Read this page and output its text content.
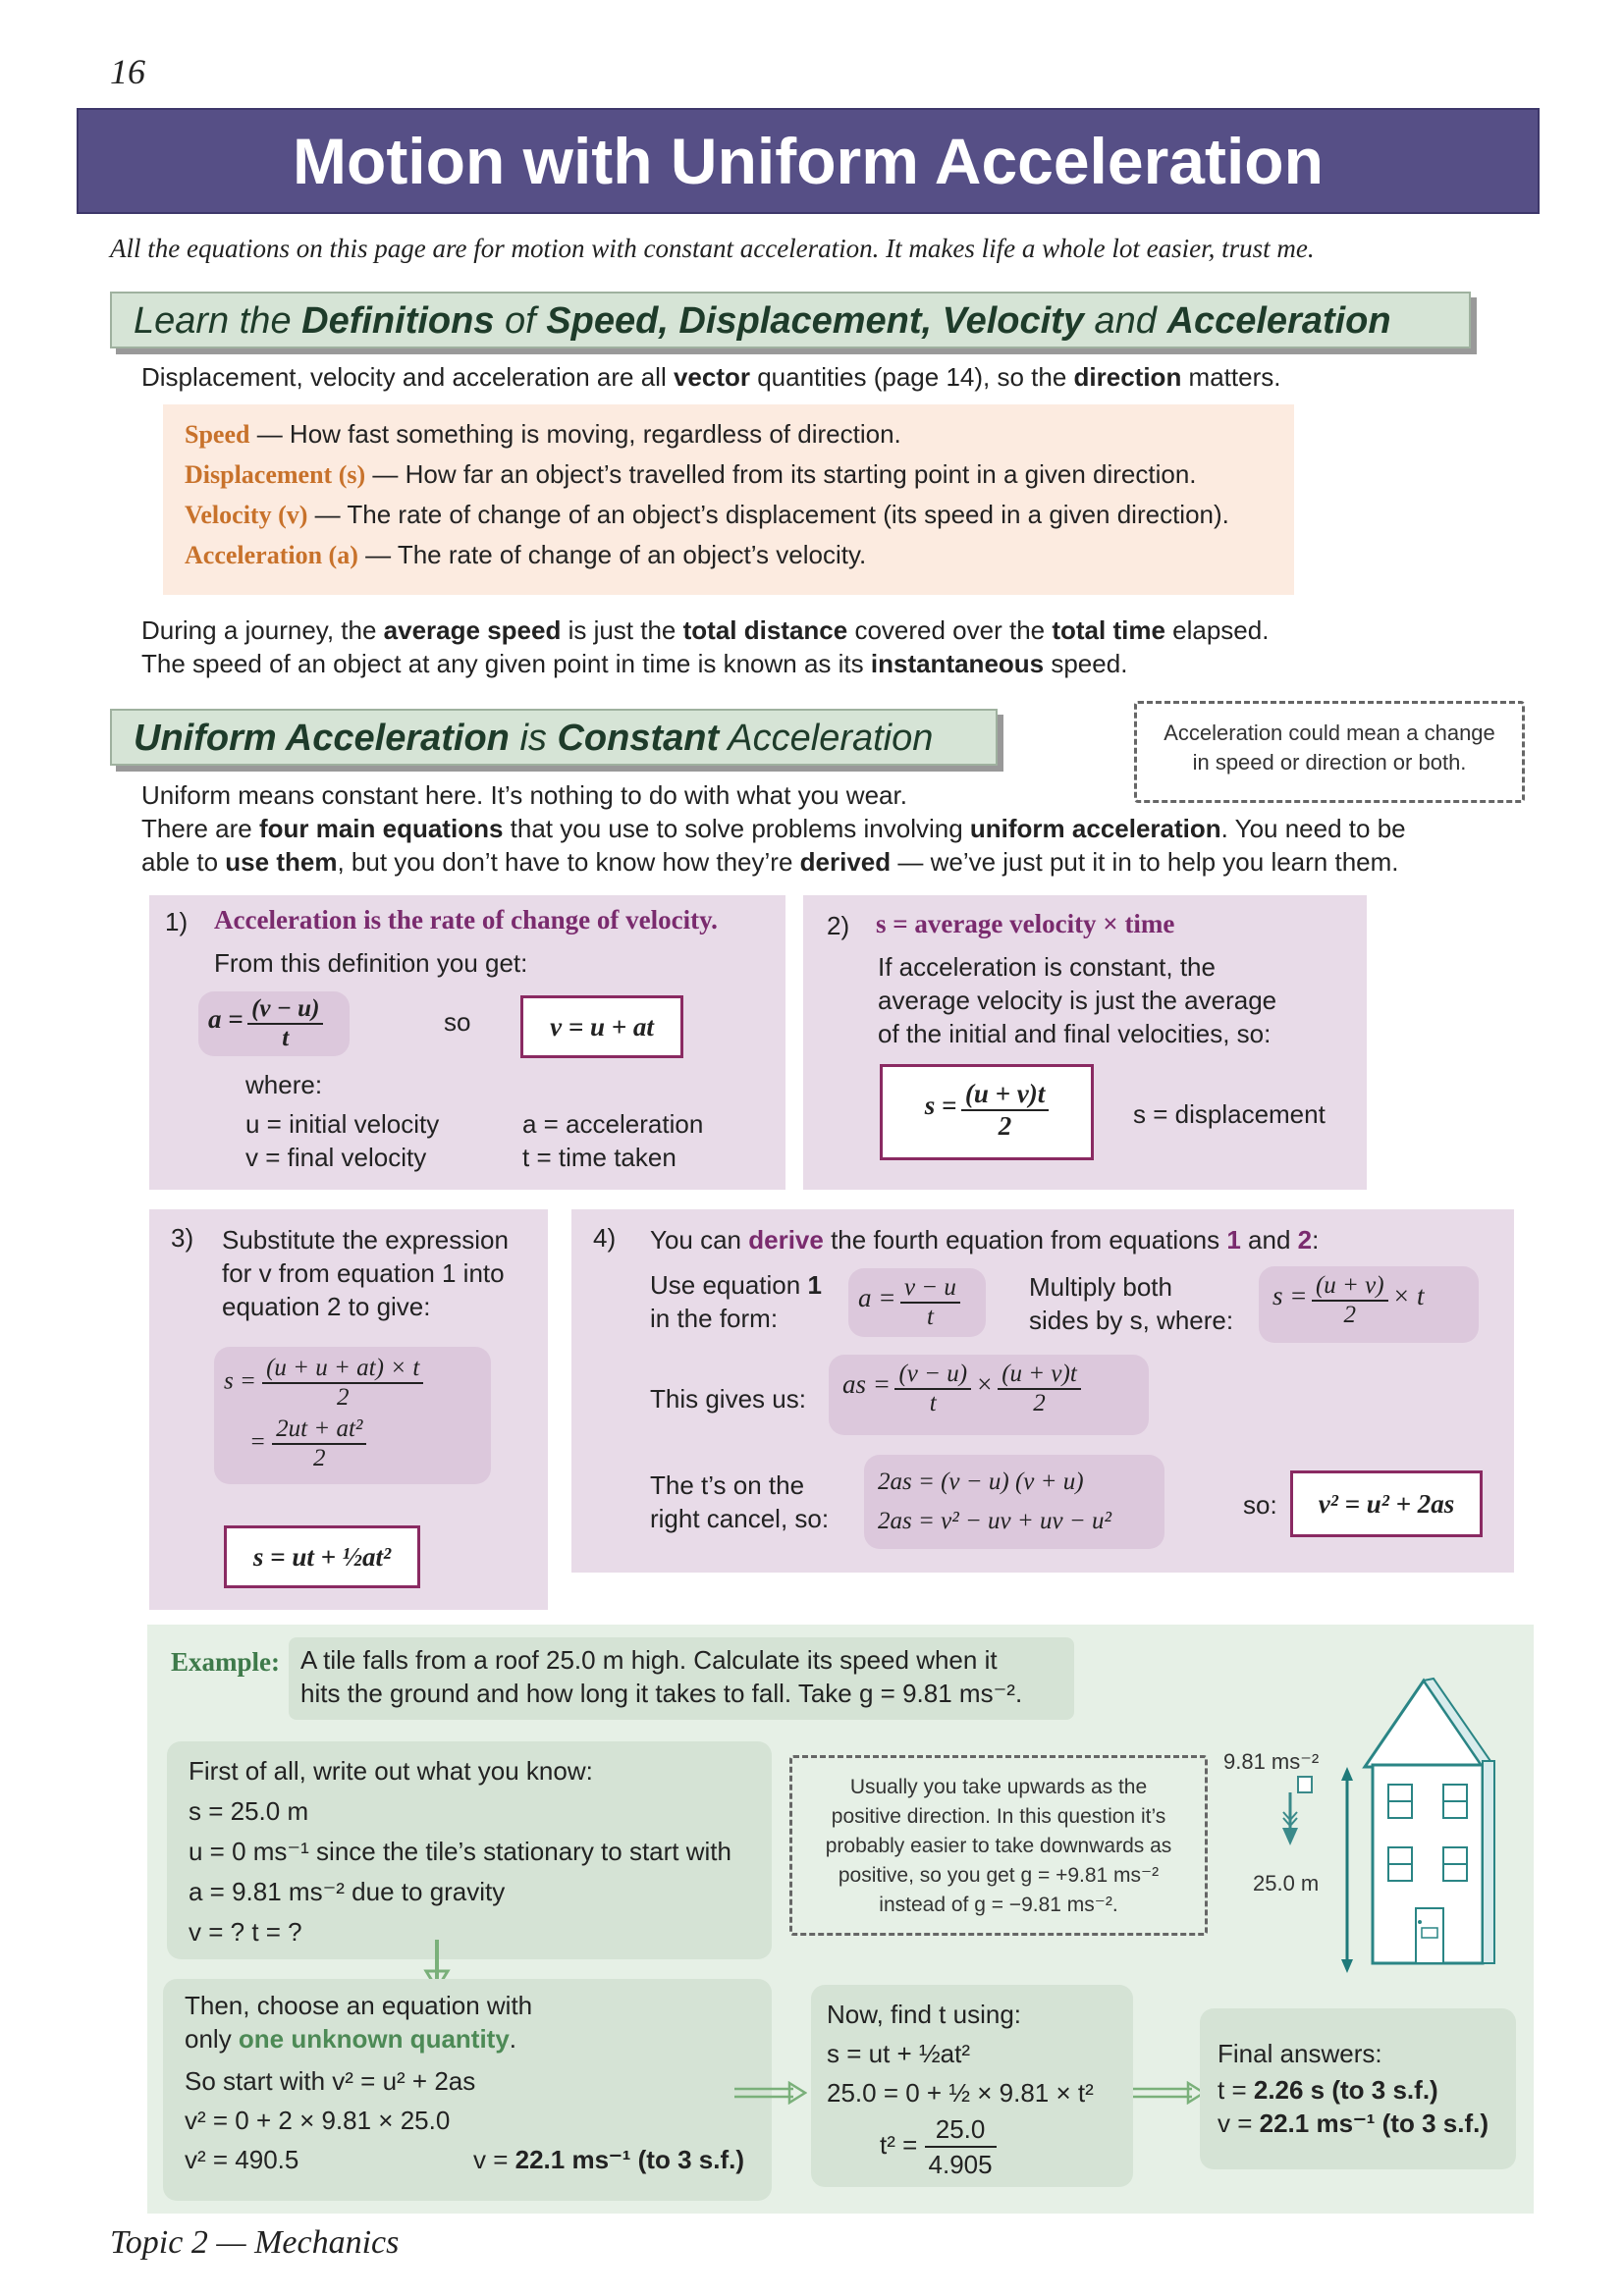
16
Motion with Uniform Acceleration
All the equations on this page are for motion with constant acceleration. It makes life a whole lot easier, trust me.
Learn the Definitions of Speed, Displacement, Velocity and Acceleration
Displacement, velocity and acceleration are all vector quantities (page 14), so the direction matters.
Speed — How fast something is moving, regardless of direction.
Displacement (s) — How far an object’s travelled from its starting point in a given direction.
Velocity (v) — The rate of change of an object’s displacement (its speed in a given direction).
Acceleration (a) — The rate of change of an object’s velocity.
During a journey, the average speed is just the total distance covered over the total time elapsed.
The speed of an object at any given point in time is known as its instantaneous speed.
Uniform Acceleration is Constant Acceleration	Acceleration could mean a change
in speed or direction or both.
Uniform means constant here. It’s nothing to do with what you wear.
There are four main equations that you use to solve problems involving uniform acceleration. You need to be
able to use them, but you don’t have to know how they’re derived — we’ve just put it in to help you learn them.
1) Acceleration is the rate of change of velocity.
From this definition you get:
$a = \frac{(v - u)}{t}$	so	v = u + at
where:
u = initial velocity
v = final velocity
a = acceleration
t = time taken
2) s = average velocity × time
If acceleration is constant, the
average velocity is just the average
of the initial and final velocities, so:
$s = \frac{(u + v)t}{2}$	s = displacement
3) Substitute the expression
for v from equation 1 into
equation 2 to give:
$s = \frac{(u + u + at) \times t}{2}$
= $\frac{\text{2ut + at²}}{2}$
s = ut + ½at²
4) You can derive the fourth equation from equations 1 and 2:
Use equation 1
in the form:
$a = \frac{v - u}{t}$	Multiply both
sides by s, where:
$s = \frac{(u + v)}{2} \times t$
This gives us:	as = $\frac{(v - u)}{t} \times \frac{(u + v)t}{2}$
The t’s on the
right cancel, so:
2as = (v − u) (v + u)
2as = v² − uv + uv − u²
so:	v² = u² + 2as
Example: A tile falls from a roof 25.0 m high. Calculate its speed when it
hits the ground and how long it takes to fall. Take g = 9.81 ms⁻².
First of all, write out what you know:
s = 25.0 m
u = 0 ms⁻¹ since the tile’s stationary to start with
a = 9.81 ms⁻² due to gravity
v = ? t = ?
Usually you take upwards as the
positive direction. In this question it’s
probably easier to take downwards as
positive, so you get g = +9.81 ms⁻²
instead of g = −9.81 ms⁻².
9.81 ms⁻²
25.0 m
Then, choose an equation with
only one unknown quantity.
So start with v² = u² + 2as
v² = 0 + 2 × 9.81 × 25.0
v² = 490.5	v = 22.1 ms⁻¹ (to 3 s.f.)
Now, find t using:
s = ut + ½at²
25.0 = 0 + ½ × 9.81 × t²
$t^2 = \frac{25.0}{4.905}$
Final answers:
t = 2.26 s (to 3 s.f.)
v = 22.1 ms⁻¹ (to 3 s.f.)
Topic 2 — Mechanics
